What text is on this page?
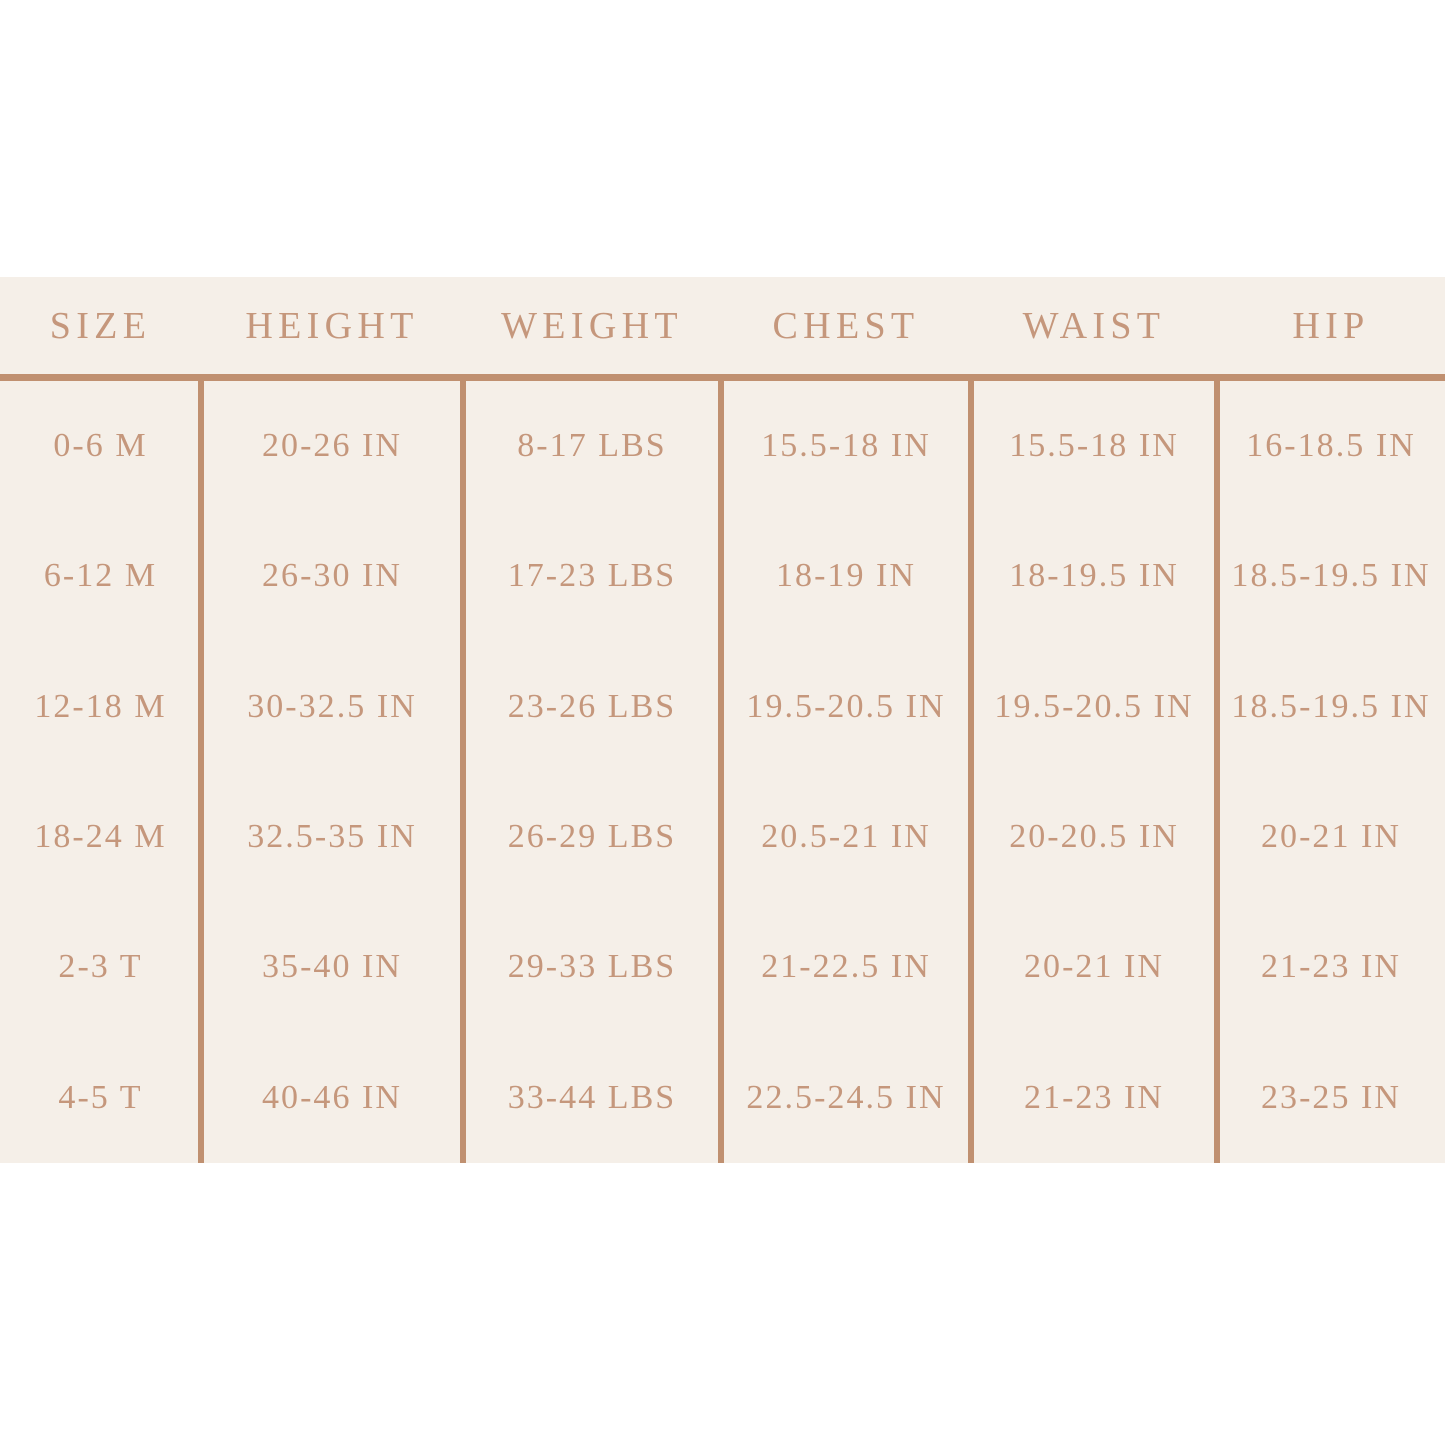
SIZE	HEIGHT	WEIGHT	CHEST	WAIST	HIP
0-6 M	20-26 IN	8-17 LBS	15.5-18 IN	15.5-18 IN	16-18.5 IN
6-12 M	26-30 IN	17-23 LBS	18-19 IN	18-19.5 IN	18.5-19.5 IN
12-18 M	30-32.5 IN	23-26 LBS	19.5-20.5 IN	19.5-20.5 IN	18.5-19.5 IN
18-24 M	32.5-35 IN	26-29 LBS	20.5-21 IN	20-20.5 IN	20-21 IN
2-3 T	35-40 IN	29-33 LBS	21-22.5 IN	20-21 IN	21-23 IN
4-5 T	40-46 IN	33-44 LBS	22.5-24.5 IN	21-23 IN	23-25 IN
